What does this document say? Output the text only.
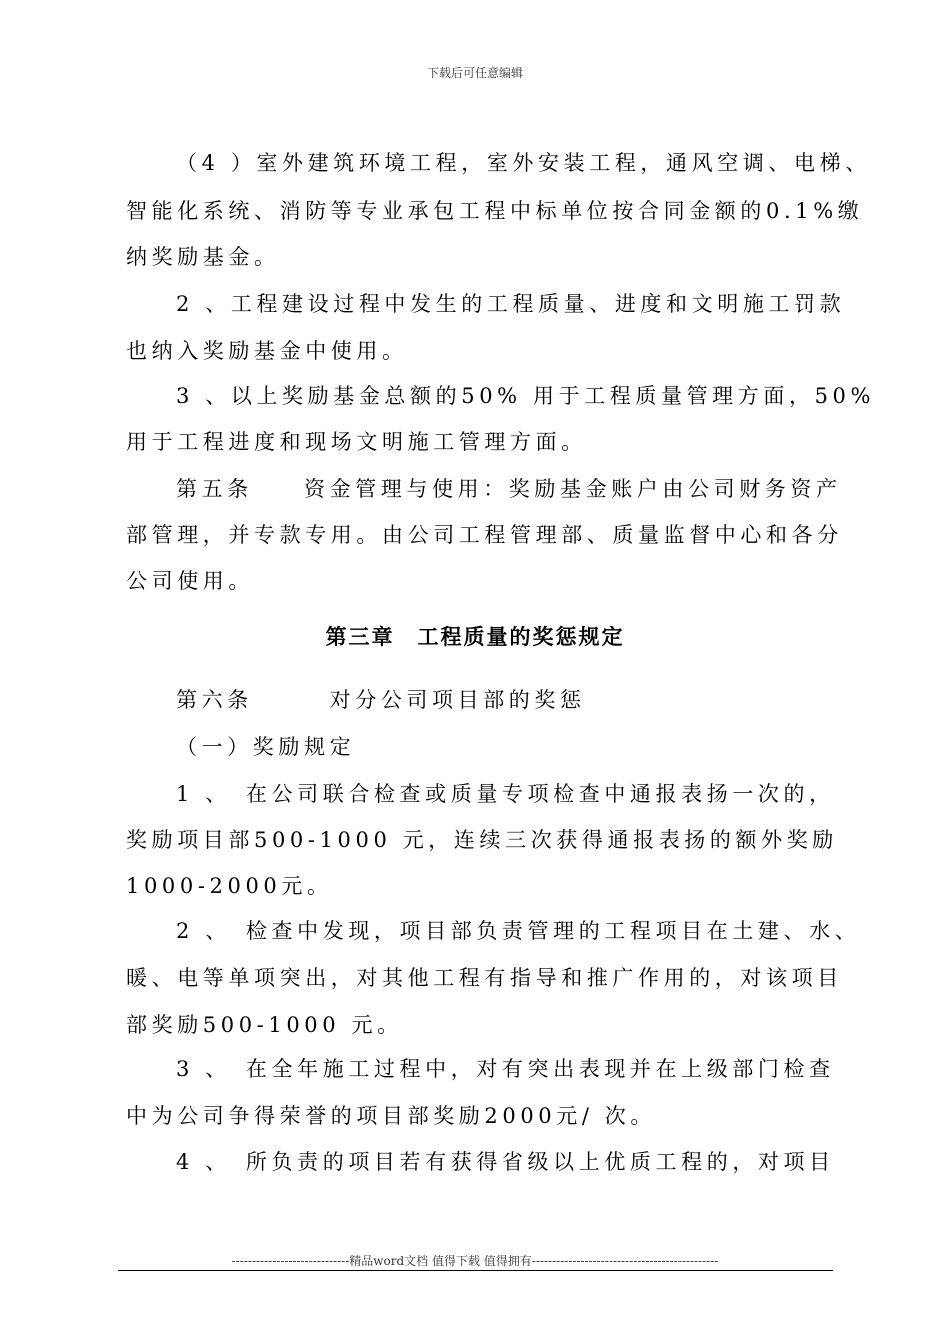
下载后可任意编辑
（4 ）室外建筑环境工程，室外安装工程，通风空调、电梯、
智能化系统、消防等专业承包工程中标单位按合同金额的0.1%缴
纳奖励基金。
2 、工程建设过程中发生的工程质量、进度和文明施工罚款
也纳入奖励基金中使用。
3 、以上奖励基金总额的50% 用于工程质量管理方面，50%
用于工程进度和现场文明施工管理方面。
第五条　　资金管理与使用：奖励基金账户由公司财务资产
部管理，并专款专用。由公司工程管理部、质量监督中心和各分
公司使用。
第三章　工程质量的奖惩规定
第六条　　　对分公司项目部的奖惩
（一）奖励规定
1 、　在公司联合检查或质量专项检查中通报表扬一次的，
奖励项目部500-1000 元，连续三次获得通报表扬的额外奖励
1000-2000元。
2 、　检查中发现，项目部负责管理的工程项目在土建、水、
暖、电等单项突出，对其他工程有指导和推广作用的，对该项目
部奖励500-1000 元。
3 、　在全年施工过程中，对有突出表现并在上级部门检查
中为公司争得荣誉的项目部奖励2000元/ 次。
4 、　所负责的项目若有获得省级以上优质工程的，对项目
-----------------------------精品word文档 值得下载 值得拥有----------------------------------------------
